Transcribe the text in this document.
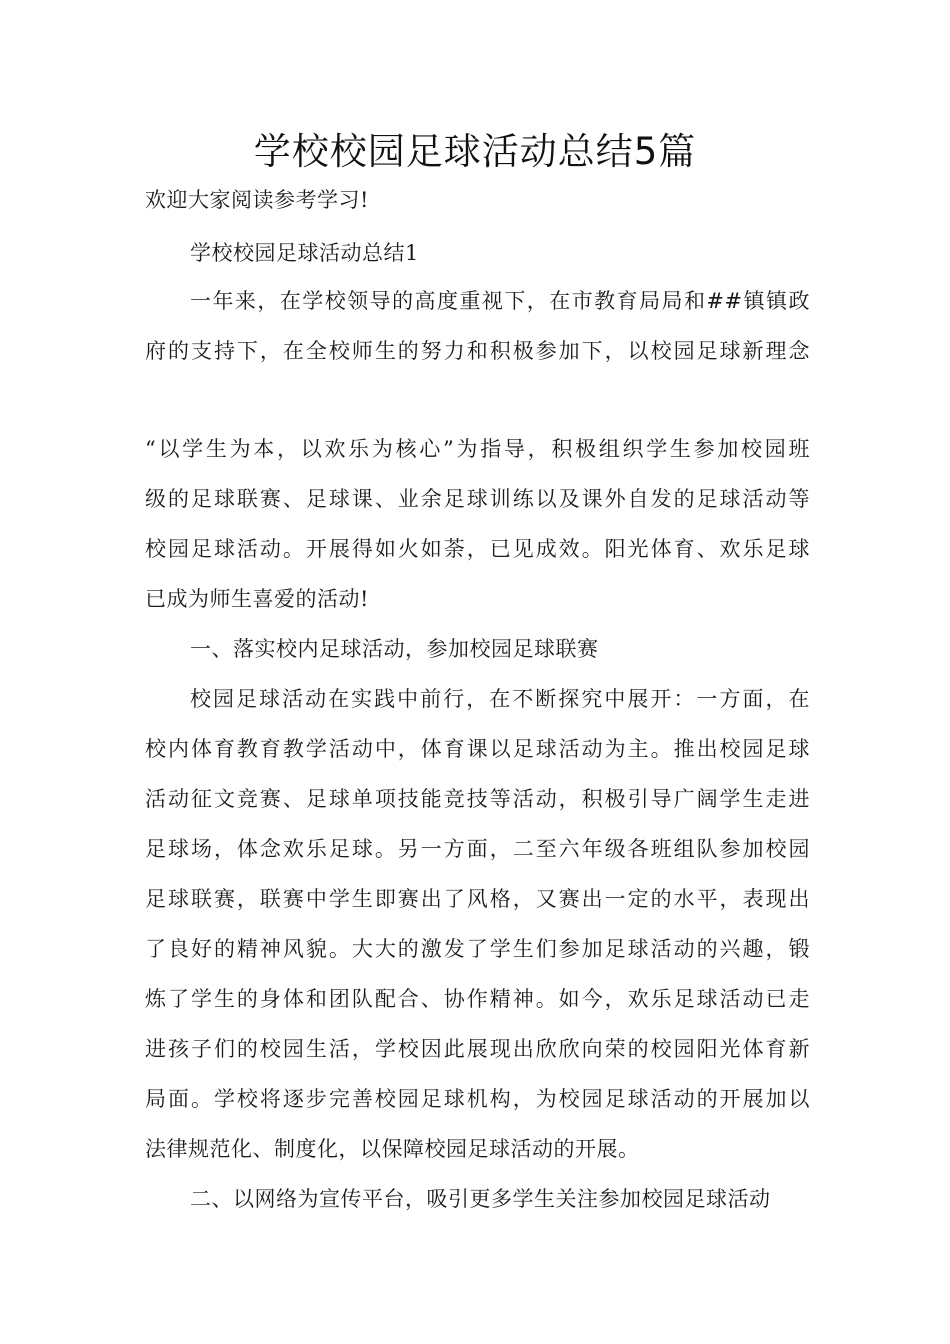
学校校园足球活动总结5篇
欢迎大家阅读参考学习!
学校校园足球活动总结1
一年来，在学校领导的高度重视下，在市教育局局和##镇镇政
府的支持下，在全校师生的努力和积极参加下，以校园足球新理念
“以学生为本，以欢乐为核心”为指导，积极组织学生参加校园班
级的足球联赛、足球课、业余足球训练以及课外自发的足球活动等
校园足球活动。开展得如火如荼，已见成效。阳光体育、欢乐足球
已成为师生喜爱的活动!
一、落实校内足球活动，参加校园足球联赛
校园足球活动在实践中前行，在不断探究中展开：一方面，在
校内体育教育教学活动中，体育课以足球活动为主。推出校园足球
活动征文竞赛、足球单项技能竞技等活动，积极引导广阔学生走进
足球场，体念欢乐足球。另一方面，二至六年级各班组队参加校园
足球联赛，联赛中学生即赛出了风格，又赛出一定的水平，表现出
了良好的精神风貌。大大的激发了学生们参加足球活动的兴趣，锻
炼了学生的身体和团队配合、协作精神。如今，欢乐足球活动已走
进孩子们的校园生活，学校因此展现出欣欣向荣的校园阳光体育新
局面。学校将逐步完善校园足球机构，为校园足球活动的开展加以
法律规范化、制度化，以保障校园足球活动的开展。
二、以网络为宣传平台，吸引更多学生关注参加校园足球活动
